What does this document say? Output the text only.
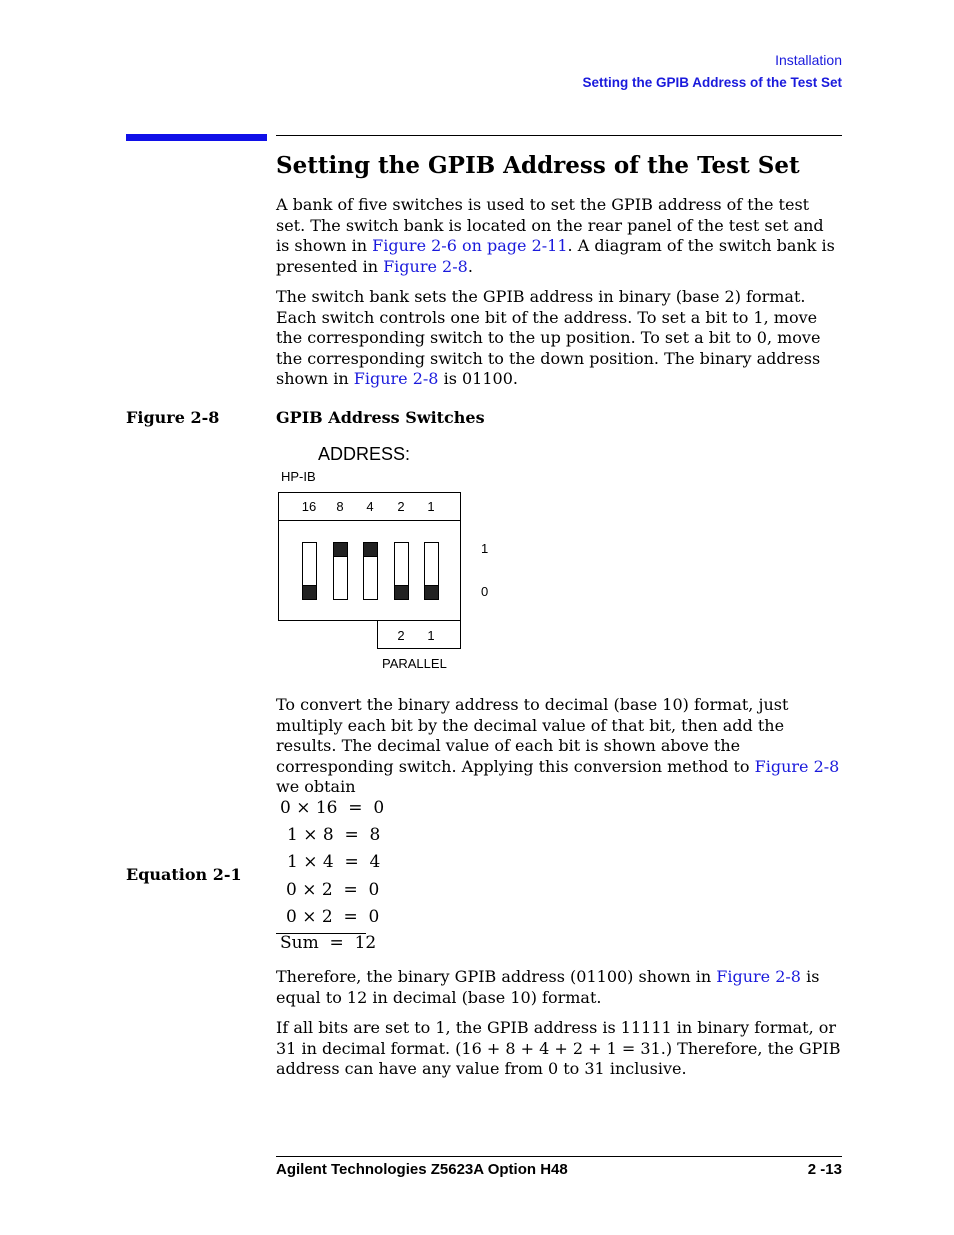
Installation
Setting the GPIB Address of the Test Set
Setting the GPIB Address of the Test Set
A bank of five switches is used to set the GPIB address of the test set. The switch bank is located on the rear panel of the test set and is shown in Figure 2-6 on page 2-11. A diagram of the switch bank is presented in Figure 2-8.
The switch bank sets the GPIB address in binary (base 2) format. Each switch controls one bit of the address. To set a bit to 1, move the corresponding switch to the up position. To set a bit to 0, move the corresponding switch to the down position. The binary address shown in Figure 2-8 is 01100.
Figure 2-8	GPIB Address Switches
ADDRESS:
HP-IB
16 8 4 2 1
1
0
2 1
PARALLEL
To convert the binary address to decimal (base 10) format, just multiply each bit by the decimal value of that bit, then add the results. The decimal value of each bit is shown above the corresponding switch. Applying this conversion method to Figure 2-8 we obtain
Equation 2-1
0 × 16  =  0
1 × 8  =  8
1 × 4  =  4
0 × 2  =  0
0 × 2  =  0
Sum  =  12
Therefore, the binary GPIB address (01100) shown in Figure 2-8 is equal to 12 in decimal (base 10) format.
If all bits are set to 1, the GPIB address is 11111 in binary format, or 31 in decimal format. (16 + 8 + 4 + 2 + 1 = 31.) Therefore, the GPIB address can have any value from 0 to 31 inclusive.
Agilent Technologies Z5623A Option H48	2 -13
